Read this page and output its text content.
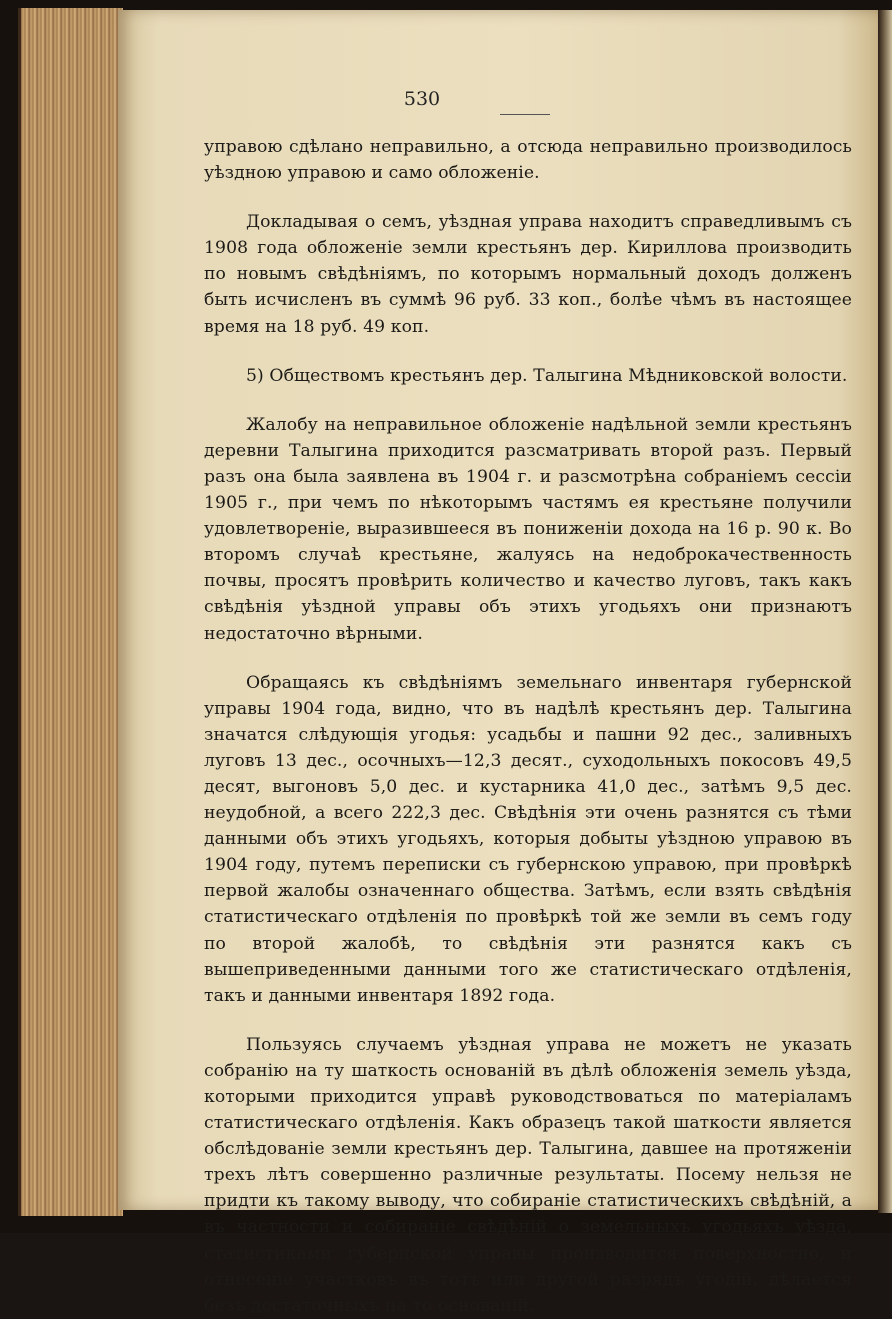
530

управою сдѣлано неправильно, а отсюда неправильно производилось уѣздною управою и само обложеніе.

Докладывая о семъ, уѣздная управа находитъ справедливымъ съ 1908 года обложеніе земли крестьянъ дер. Кириллова производить по новымъ свѣдѣніямъ, по которымъ нормальный доходъ долженъ быть исчисленъ въ суммѣ 96 руб. 33 коп., болѣе чѣмъ въ настоящее время на 18 руб. 49 коп.

5) Обществомъ крестьянъ дер. Талыгина Мѣдниковской волости.

Жалобу на неправильное обложеніе надѣльной земли крестьянъ деревни Талыгина приходится разсматривать второй разъ. Первый разъ она была заявлена въ 1904 г. и разсмотрѣна собраніемъ сессіи 1905 г., при чемъ по нѣкоторымъ частямъ ея крестьяне получили удовлетвореніе, выразившееся въ пониженіи дохода на 16 р. 90 к. Во второмъ случаѣ крестьяне, жалуясь на недоброкачественность почвы, просятъ провѣрить количество и качество луговъ, такъ какъ свѣдѣнія уѣздной управы объ этихъ угодьяхъ они признаютъ недостаточно вѣрными.

Обращаясь къ свѣдѣніямъ земельнаго инвентаря губернской управы 1904 года, видно, что въ надѣлѣ крестьянъ дер. Талыгина значатся слѣдующія угодья: усадьбы и пашни 92 дес., заливныхъ луговъ 13 дес., осочныхъ—12,3 десят., суходольныхъ покосовъ 49,5 десят, выгоновъ 5,0 дес. и кустарника 41,0 дес., затѣмъ 9,5 дес. неудобной, а всего 222,3 дес. Свѣдѣнія эти очень разнятся съ тѣми данными объ этихъ угодьяхъ, которыя добыты уѣздною управою въ 1904 году, путемъ переписки съ губернскою управою, при провѣркѣ первой жалобы означеннаго общества. Затѣмъ, если взять свѣдѣнія статистическаго отдѣленія по провѣркѣ той же земли въ семъ году по второй жалобѣ, то свѣдѣнія эти разнятся какъ съ вышеприведенными данными того же статистическаго отдѣленія, такъ и данными инвентаря 1892 года.

Пользуясь случаемъ уѣздная управа не можетъ не указать собранію на ту шаткость основаній въ дѣлѣ обложенія земель уѣзда, которыми приходится управѣ руководствоваться по матеріаламъ статистическаго отдѣленія. Какъ образецъ такой шаткости является обслѣдованіе земли крестьянъ дер. Талыгина, давшее на протяженіи трехъ лѣтъ совершенно различные результаты. Посему нельзя не придти къ такому выводу, что собираніе статистическихъ свѣдѣній, а въ частности и собираніе свѣдѣній о земельныхъ угодьяхъ уѣзда, статистиками губернской управы производится поверхностно, и отнесеніе участковъ въ тотъ или другой разрядъ угодій, дѣлается безъ достаточныхъ на то основаній.
